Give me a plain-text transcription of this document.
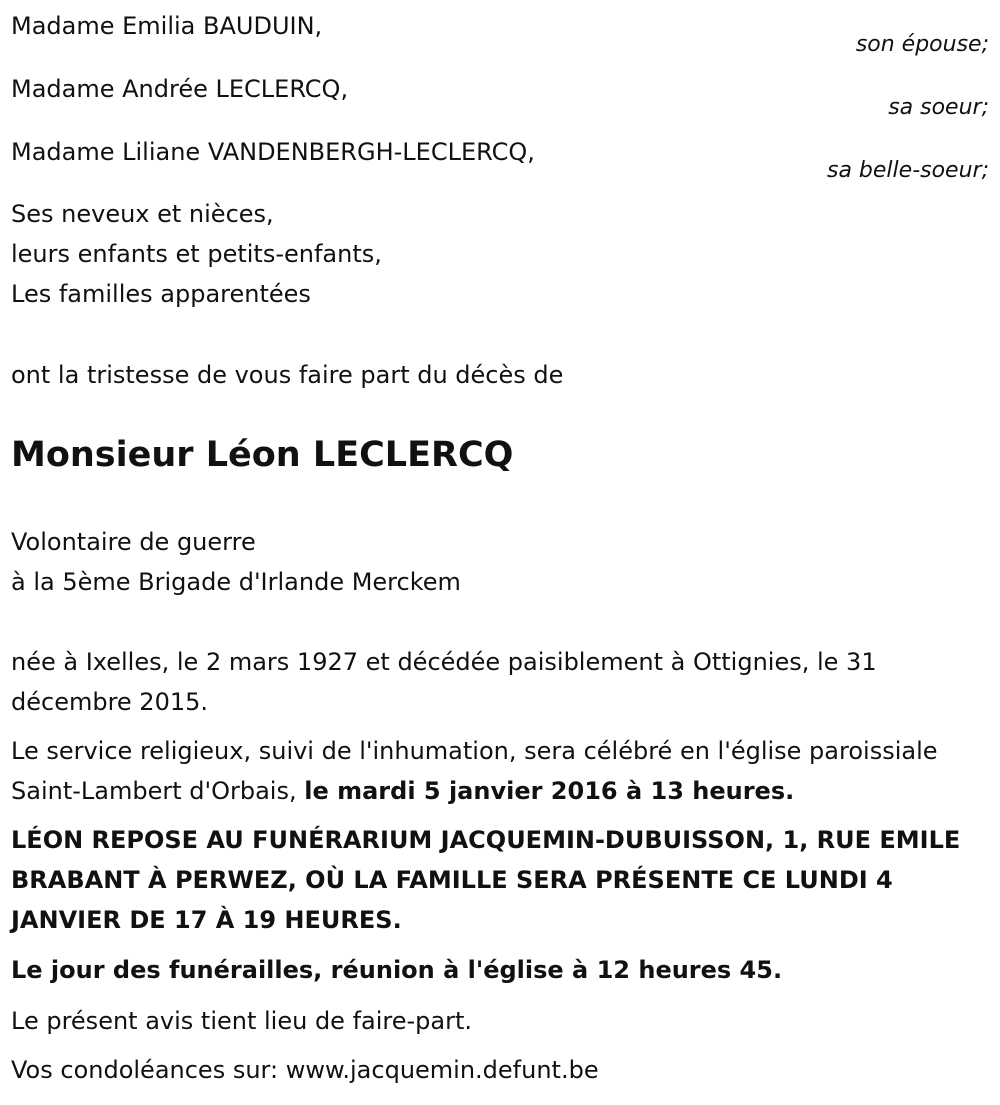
Madame Emilia BAUDUIN,
son épouse;
Madame Andrée LECLERCQ,
sa soeur;
Madame Liliane VANDENBERGH-LECLERCQ,
sa belle-soeur;
Ses neveux et nièces,
leurs enfants et petits-enfants,
Les familles apparentées
ont la tristesse de vous faire part du décès de
Monsieur Léon LECLERCQ
Volontaire de guerre
à la 5ème Brigade d'Irlande Merckem
née à Ixelles, le 2 mars 1927 et décédée paisiblement à Ottignies, le 31 décembre 2015.
Le service religieux, suivi de l'inhumation, sera célébré en l'église paroissiale Saint-Lambert d'Orbais, le mardi 5 janvier 2016 à 13 heures.
LÉON REPOSE AU FUNÉRARIUM JACQUEMIN-DUBUISSON, 1, RUE EMILE BRABANT À PERWEZ, OÙ LA FAMILLE SERA PRÉSENTE CE LUNDI 4 JANVIER DE 17 À 19 HEURES.
Le jour des funérailles, réunion à l'église à 12 heures 45.
Le présent avis tient lieu de faire-part.
Vos condoléances sur: www.jacquemin.defunt.be
